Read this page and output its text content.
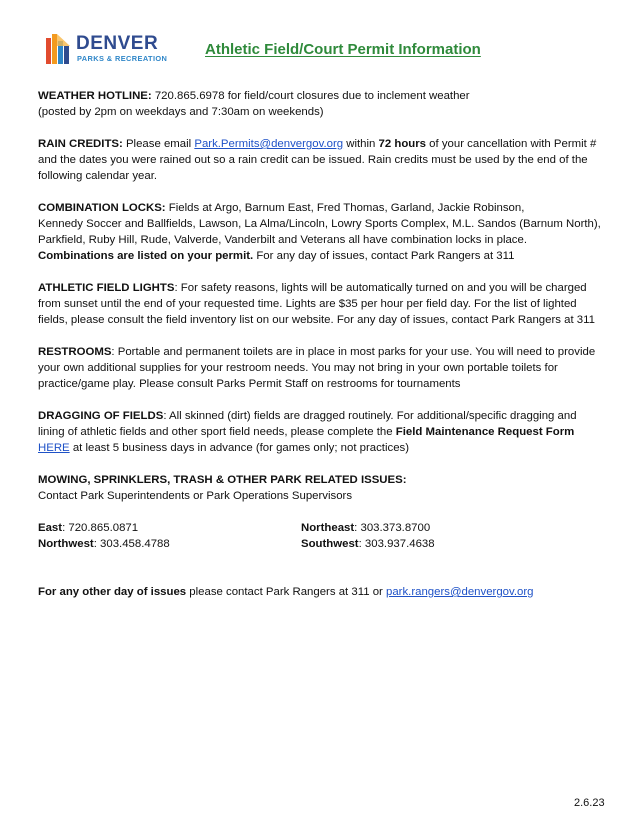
DENVER
PARKS & RECREATION
Athletic Field/Court Permit Information

WEATHER HOTLINE: 720.865.6978 for field/court closures due to inclement weather

(posted by 2pm on weekdays and 7:30am on weekends)

RAIN CREDITS: Please email Park.Permits@denvergov.org within 72 hours of your cancellation with Permit # and the dates you were rained out so a rain credit can be issued. Rain credits must be used by the end of the following calendar year.

COMBINATION LOCKS: Fields at Argo, Barnum East, Fred Thomas, Garland, Jackie Robinson,

Kennedy Soccer and Ballfields, Lawson, La Alma/Lincoln, Lowry Sports Complex, M.L. Sandos (Barnum North),

Parkfield, Ruby Hill, Rude, Valverde, Vanderbilt and Veterans all have combination locks in place.

Combinations are listed on your permit. For any day of issues, contact Park Rangers at 311

ATHLETIC FIELD LIGHTS: For safety reasons, lights will be automatically turned on and you will be charged from sunset until the end of your requested time. Lights are $35 per hour per field day. For the list of lighted fields, please consult the field inventory list on our website. For any day of issues, contact Park Rangers at 311

RESTROOMS: Portable and permanent toilets are in place in most parks for your use. You will need to provide your own additional supplies for your restroom needs. You may not bring in your own portable toilets for practice/game play. Please consult Parks Permit Staff on restrooms for tournaments

DRAGGING OF FIELDS: All skinned (dirt) fields are dragged routinely. For additional/specific dragging and lining of athletic fields and other sport field needs, please complete the Field Maintenance Request Form HERE at least 5 business days in advance (for games only; not practices)

MOWING, SPRINKLERS, TRASH & OTHER PARK RELATED ISSUES:

Contact Park Superintendents or Park Operations Supervisors

East: 720.865.0871	Northeast: 303.373.8700
Northwest: 303.458.4788	Southwest: 303.937.4638

For any other day of issues please contact Park Rangers at 311 or park.rangers@denvergov.org

2.6.23
